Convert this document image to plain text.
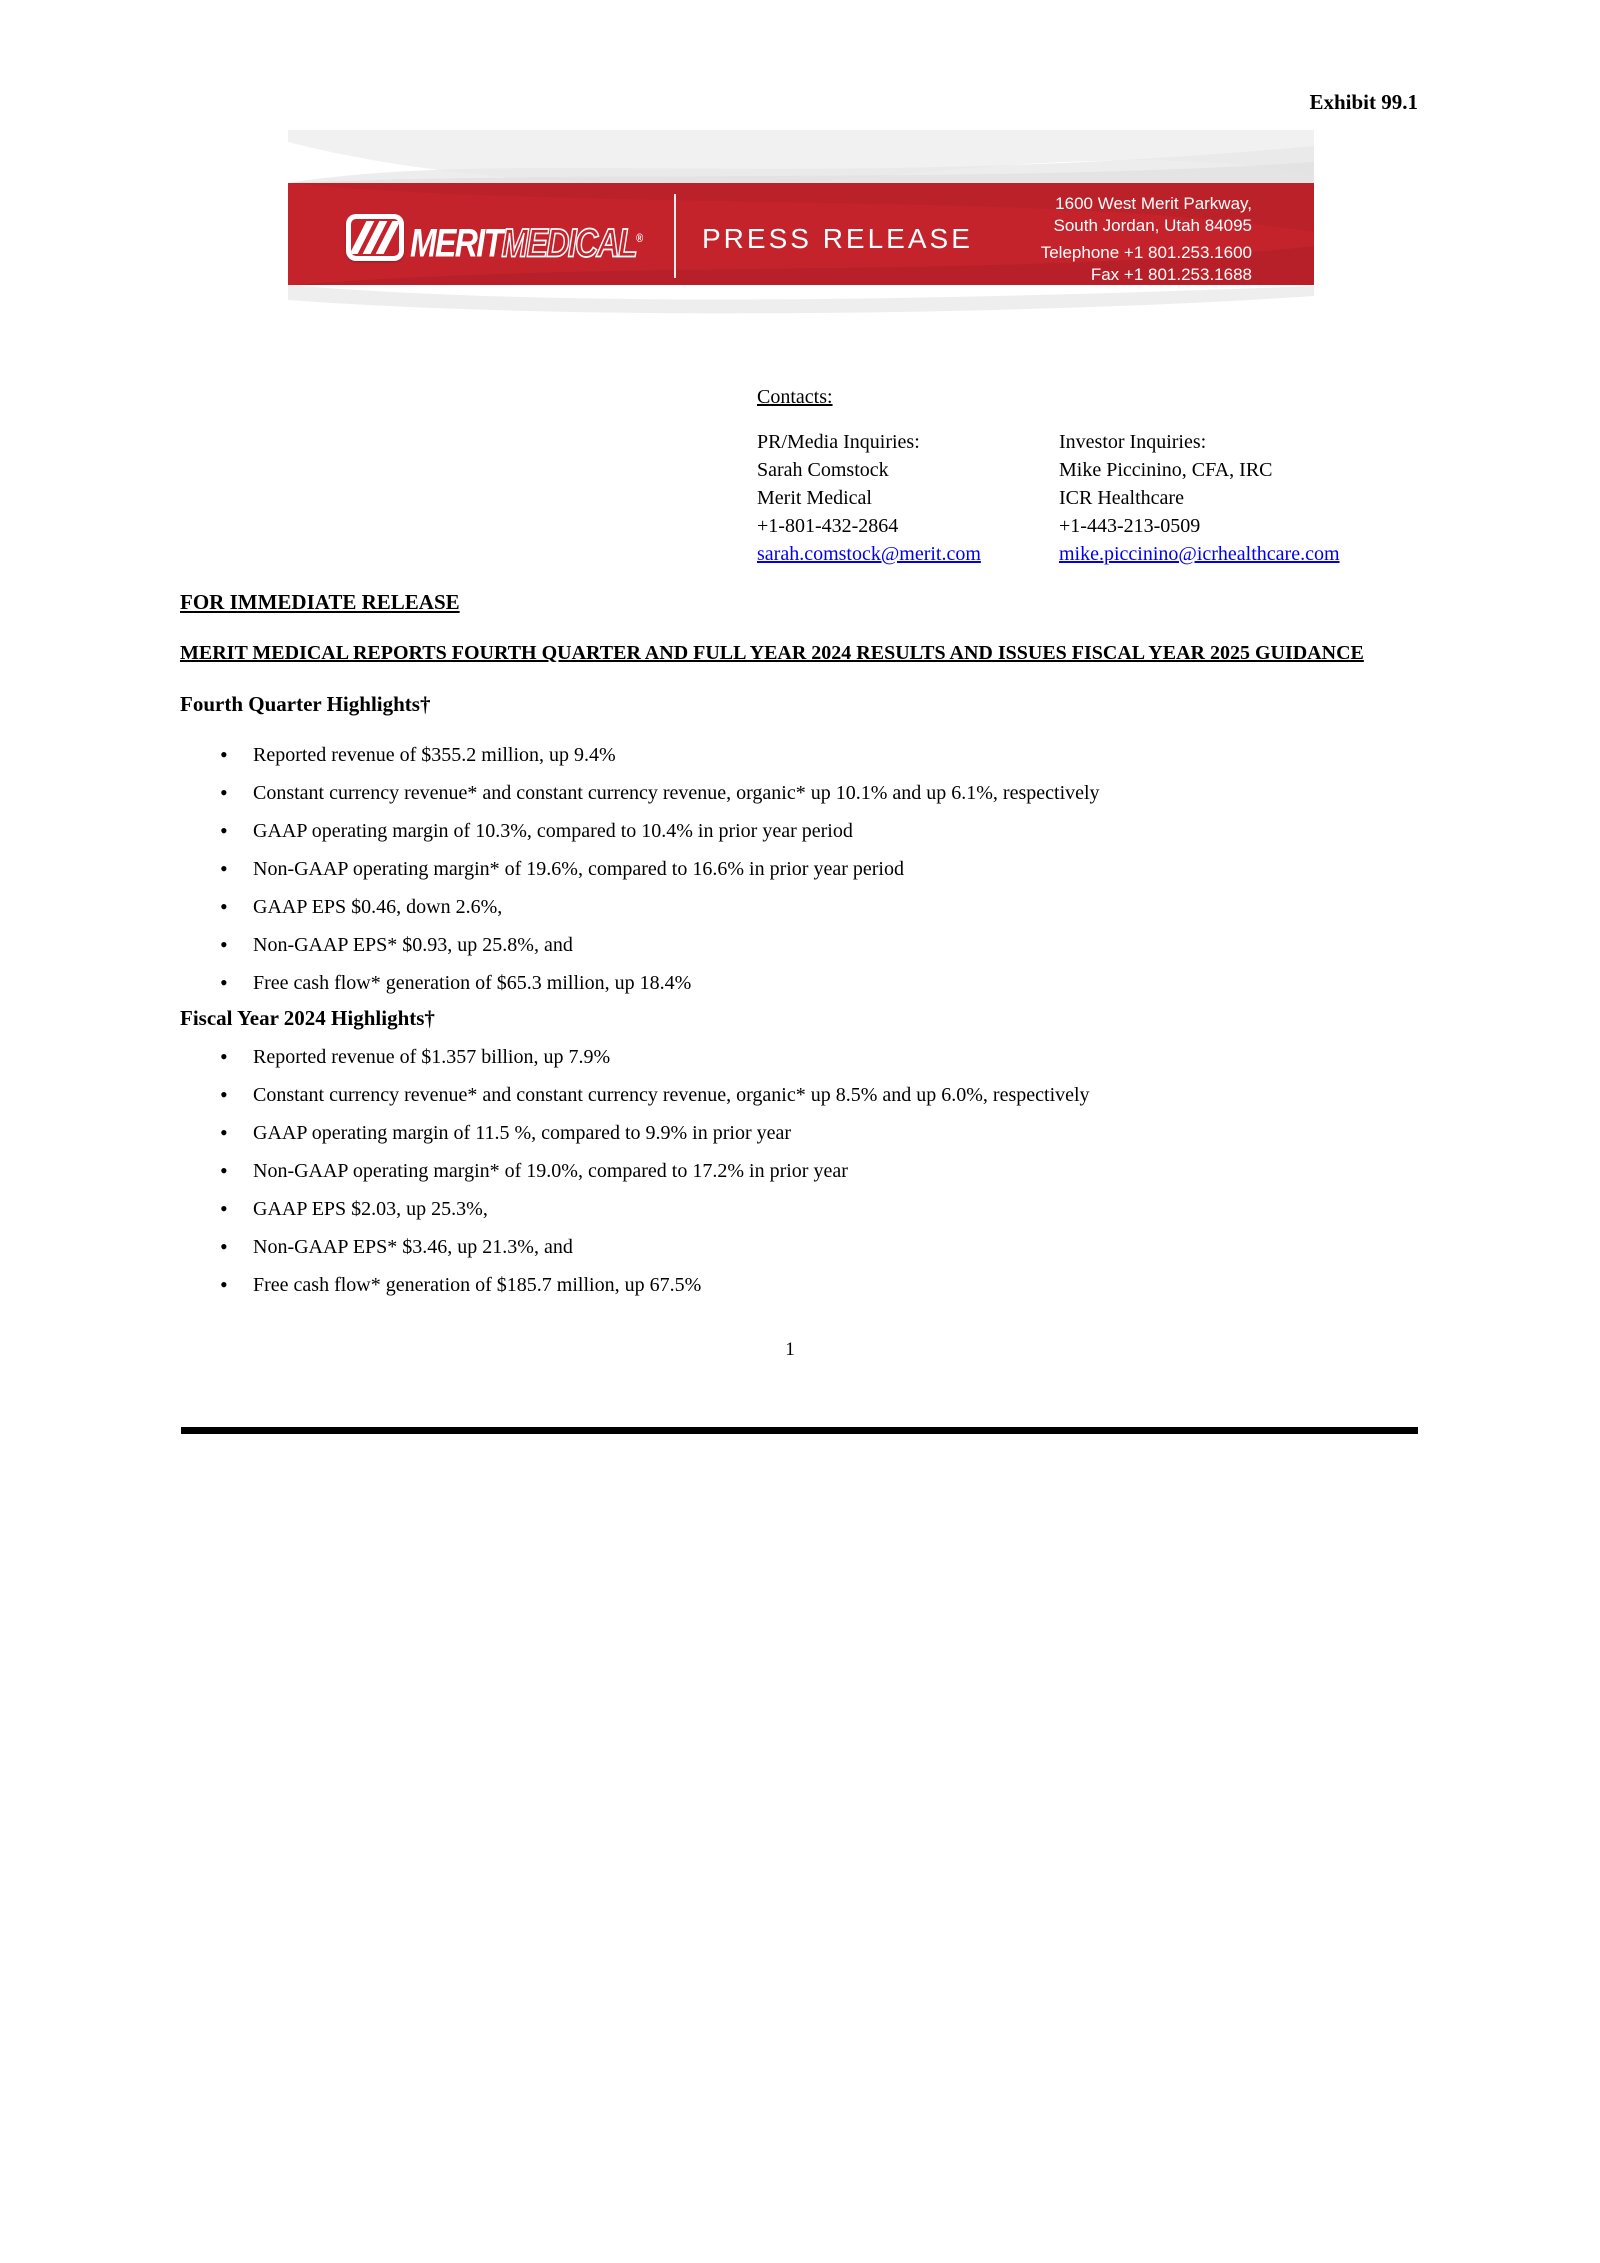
Exhibit 99.1
MERITMEDICAL® PRESS RELEASE
1600 West Merit Parkway,
South Jordan, Utah 84095
Telephone +1 801.253.1600
Fax +1 801.253.1688
Contacts:
PR/Media Inquiries:
Sarah Comstock
Merit Medical
+1-801-432-2864
sarah.comstock@merit.com
Investor Inquiries:
Mike Piccinino, CFA, IRC
ICR Healthcare
+1-443-213-0509
mike.piccinino@icrhealthcare.com
FOR IMMEDIATE RELEASE
MERIT MEDICAL REPORTS FOURTH QUARTER AND FULL YEAR 2024 RESULTS AND ISSUES FISCAL YEAR 2025 GUIDANCE
Fourth Quarter Highlights†
• Reported revenue of $355.2 million, up 9.4%
• Constant currency revenue* and constant currency revenue, organic* up 10.1% and up 6.1%, respectively
• GAAP operating margin of 10.3%, compared to 10.4% in prior year period
• Non-GAAP operating margin* of 19.6%, compared to 16.6% in prior year period
• GAAP EPS $0.46, down 2.6%,
• Non-GAAP EPS* $0.93, up 25.8%, and
• Free cash flow* generation of $65.3 million, up 18.4%
Fiscal Year 2024 Highlights†
• Reported revenue of $1.357 billion, up 7.9%
• Constant currency revenue* and constant currency revenue, organic* up 8.5% and up 6.0%, respectively
• GAAP operating margin of 11.5 %, compared to 9.9% in prior year
• Non-GAAP operating margin* of 19.0%, compared to 17.2% in prior year
• GAAP EPS $2.03, up 25.3%,
• Non-GAAP EPS* $3.46, up 21.3%, and
• Free cash flow* generation of $185.7 million, up 67.5%
1
